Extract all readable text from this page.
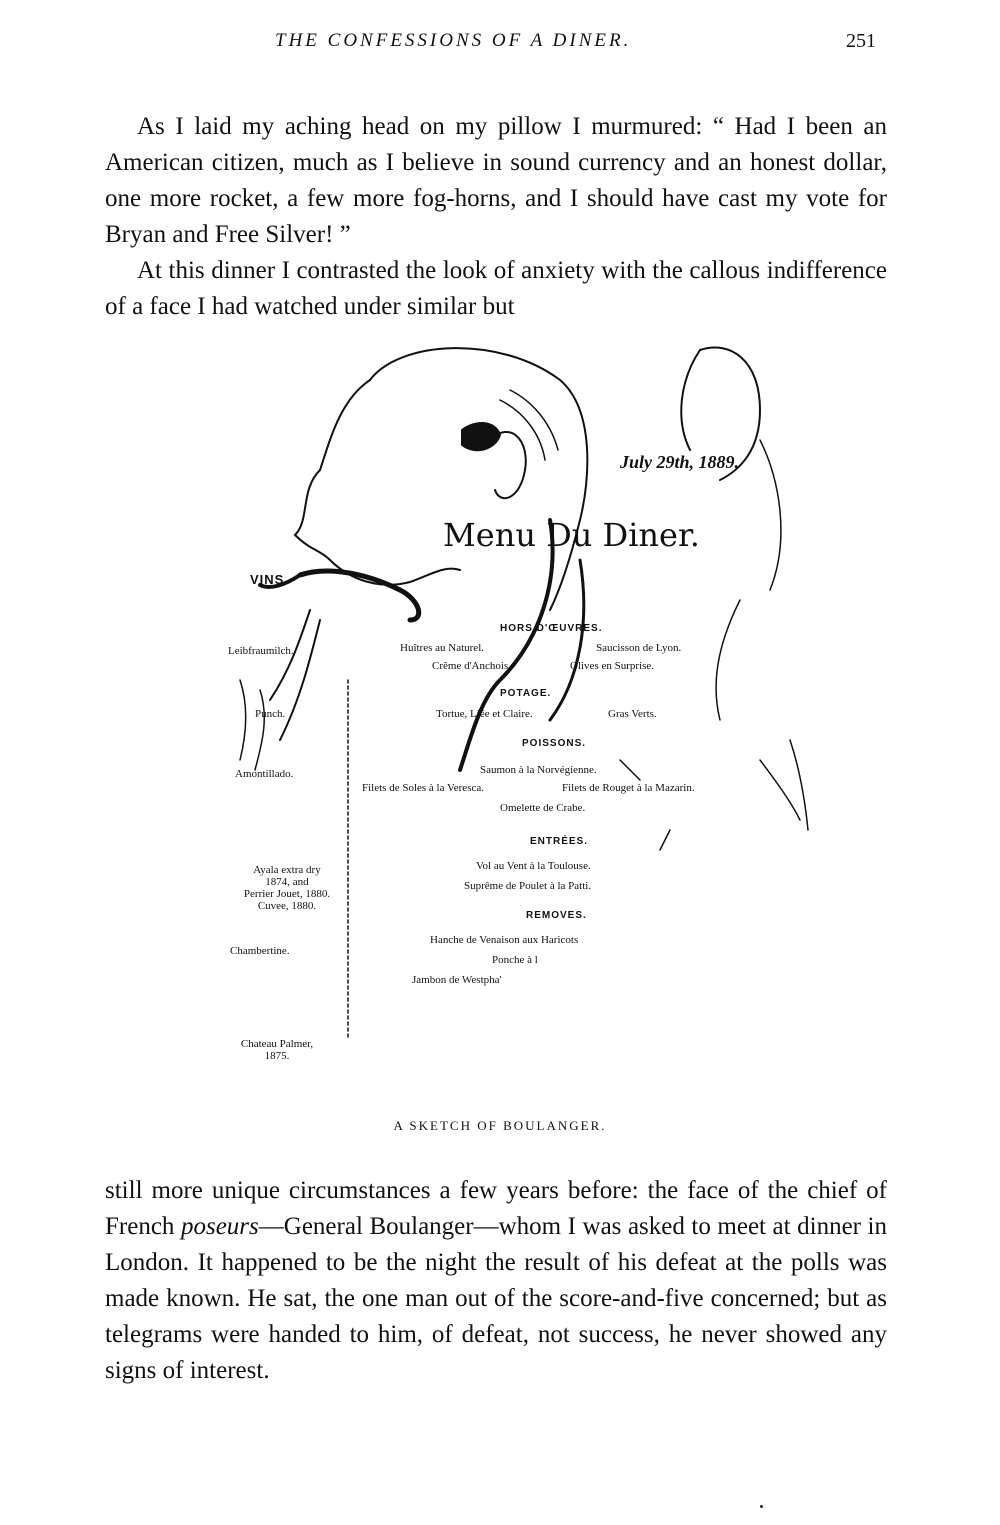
THE CONFESSIONS OF A DINER.	251

As I laid my aching head on my pillow I murmured: “ Had I been an American citizen, much as I believe in sound currency and an honest dollar, one more rocket, a few more fog-horns, and I should have cast my vote for Bryan and Free Silver! ”

At this dinner I contrasted the look of anxiety with the callous indifference of a face I had watched under similar but

July 29th, 1889.
Menu Du Diner.
VINS.
Leibfraumilch.
Punch.
Amontillado.
Ayala extra dry
1874, and
Perrier Jouet, 1880.
Cuvee, 1880.
Chambertine.
Chateau Palmer,
1875.
HORS D'ŒUVRES.
Huîtres au Naturel.	Saucisson de Lyon.
Crême d'Anchois.	Olives en Surprise.
POTAGE.
Tortue, Liée et Claire.	Gras Verts.
POISSONS.
Saumon à la Norvégienne.
Filets de Soles à la Veresca.	Filets de Rouget à la Mazarin.
Omelette de Crabe.
ENTRÉES.
Vol au Vent à la Toulouse.
Suprême de Poulet à la Patti.
REMOVES.
Hanche de Venaison aux Haricots
Ponche à l
Jambon de Westpha'
A SKETCH OF BOULANGER.

still more unique circumstances a few years before: the face of the chief of French poseurs—General Boulanger—whom I was asked to meet at dinner in London. It happened to be the night the result of his defeat at the polls was made known. He sat, the one man out of the score-and-five concerned; but as telegrams were handed to him, of defeat, not success, he never showed any signs of interest.
